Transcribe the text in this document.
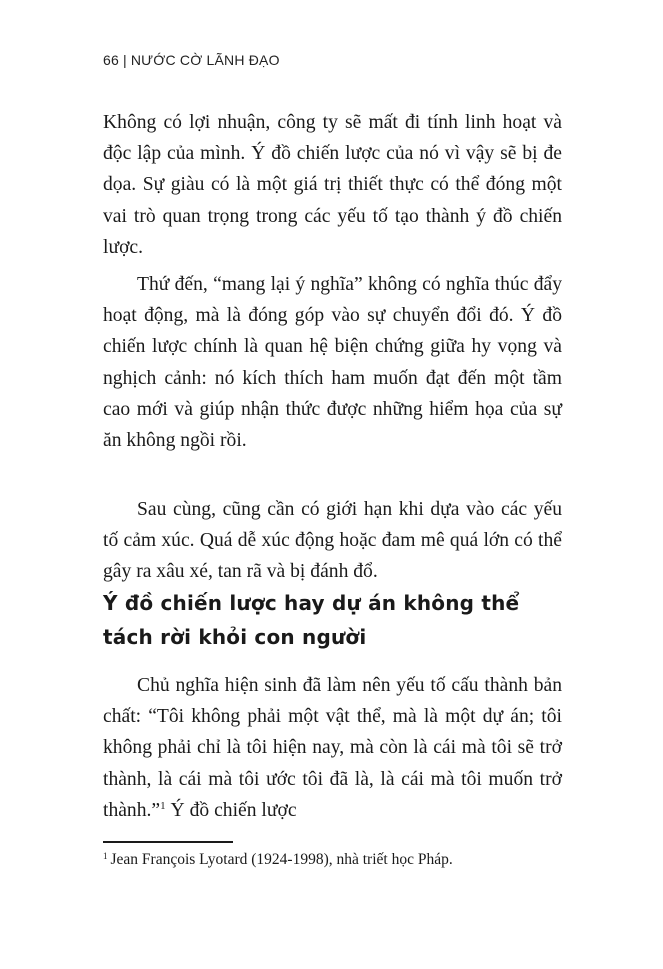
66 | NƯỚC CỜ LÃNH ĐẠO

Không có lợi nhuận, công ty sẽ mất đi tính linh hoạt và độc lập của mình. Ý đồ chiến lược của nó vì vậy sẽ bị đe dọa. Sự giàu có là một giá trị thiết thực có thể đóng một vai trò quan trọng trong các yếu tố tạo thành ý đồ chiến lược.

Thứ đến, “mang lại ý nghĩa” không có nghĩa thúc đẩy hoạt động, mà là đóng góp vào sự chuyển đổi đó. Ý đồ chiến lược chính là quan hệ biện chứng giữa hy vọng và nghịch cảnh: nó kích thích ham muốn đạt đến một tầm cao mới và giúp nhận thức được những hiểm họa của sự ăn không ngồi rồi.

Sau cùng, cũng cần có giới hạn khi dựa vào các yếu tố cảm xúc. Quá dễ xúc động hoặc đam mê quá lớn có thể gây ra xâu xé, tan rã và bị đánh đổ.

Ý đồ chiến lược hay dự án không thể tách rời khỏi con người

Chủ nghĩa hiện sinh đã làm nên yếu tố cấu thành bản chất: “Tôi không phải một vật thể, mà là một dự án; tôi không phải chỉ là tôi hiện nay, mà còn là cái mà tôi sẽ trở thành, là cái mà tôi ước tôi đã là, là cái mà tôi muốn trở thành.”$^1$ Ý đồ chiến lược

$^1$ Jean François Lyotard (1924-1998), nhà triết học Pháp.
